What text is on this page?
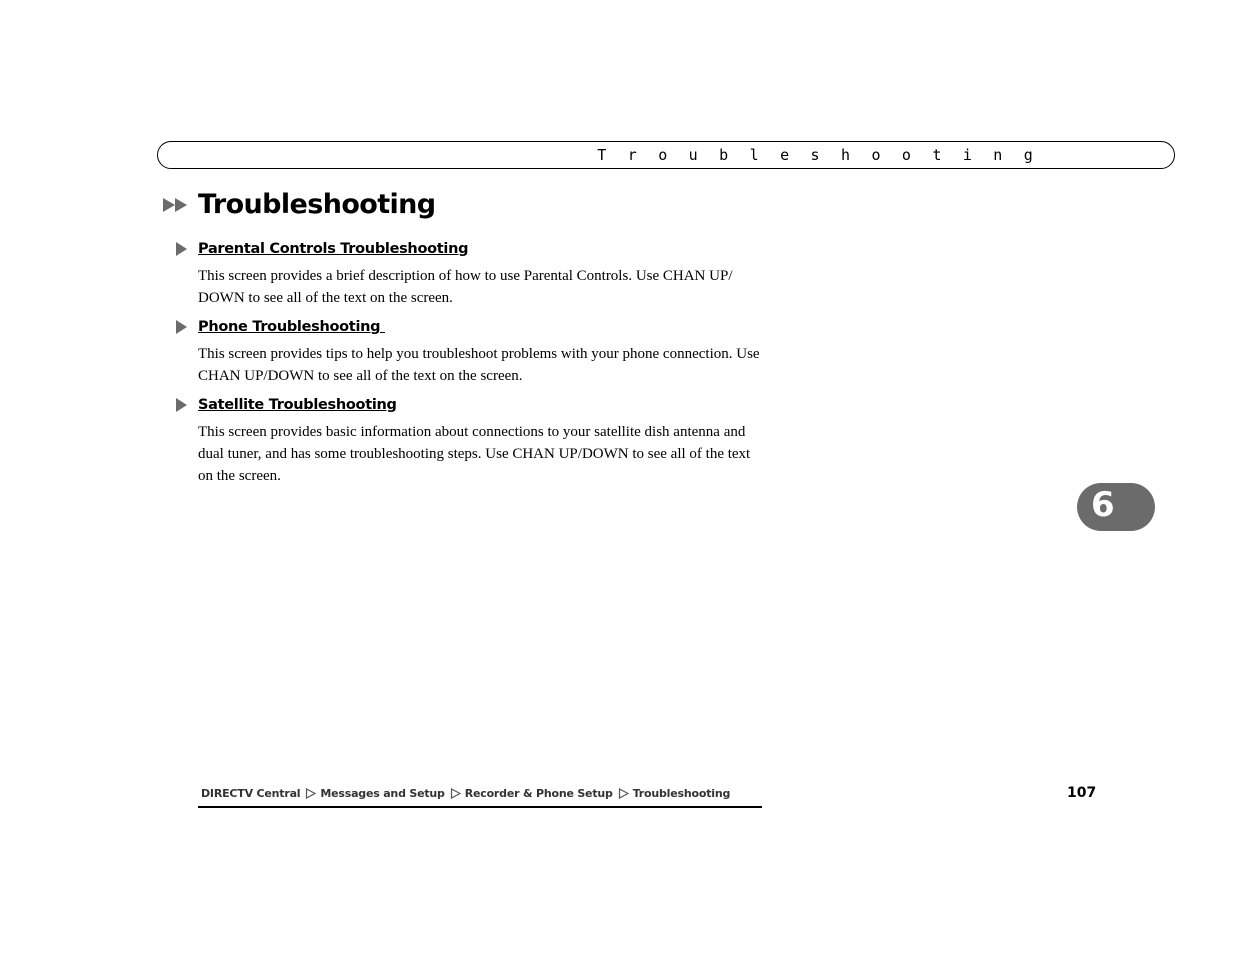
T r o u b l e s h o o t i n g
Troubleshooting
Parental Controls Troubleshooting
This screen provides a brief description of how to use Parental Controls. Use CHAN UP/ DOWN to see all of the text on the screen.
Phone Troubleshooting
This screen provides tips to help you troubleshoot problems with your phone connection. Use CHAN UP/DOWN to see all of the text on the screen.
Satellite Troubleshooting
This screen provides basic information about connections to your satellite dish antenna and dual tuner, and has some troubleshooting steps. Use CHAN UP/DOWN to see all of the text on the screen.
6
DIRECTV Central Messages and Setup Recorder & Phone Setup Troubleshooting	107
